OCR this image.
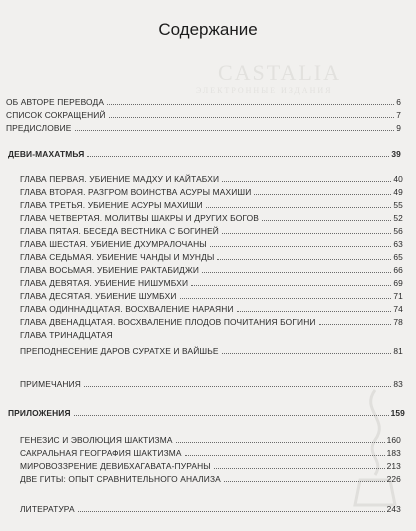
CASTALIA
ЭЛЕКТРОННЫЕ ИЗДАНИЯ
Содержание
ОБ АВТОРЕ ПЕРЕВОДА	6
СПИСОК СОКРАЩЕНИЙ	7
ПРЕДИСЛОВИЕ	9
ДЕВИ-МАХАТМЬЯ	39
ГЛАВА ПЕРВАЯ. УБИЕНИЕ МАДХУ И КАЙТАБХИ	40
ГЛАВА ВТОРАЯ. РАЗГРОМ ВОИНСТВА АСУРЫ МАХИШИ	49
ГЛАВА ТРЕТЬЯ. УБИЕНИЕ АСУРЫ МАХИШИ	55
ГЛАВА ЧЕТВЕРТАЯ. МОЛИТВЫ ШАКРЫ И ДРУГИХ БОГОВ	52
ГЛАВА ПЯТАЯ. БЕСЕДА ВЕСТНИКА С БОГИНЕЙ	56
ГЛАВА ШЕСТАЯ. УБИЕНИЕ ДХУМРАЛОЧАНЫ	63
ГЛАВА СЕДЬМАЯ. УБИЕНИЕ ЧАНДЫ И МУНДЫ	65
ГЛАВА ВОСЬМАЯ. УБИЕНИЕ РАКТАБИДЖИ	66
ГЛАВА ДЕВЯТАЯ. УБИЕНИЕ НИШУМБХИ	69
ГЛАВА ДЕСЯТАЯ. УБИЕНИЕ ШУМБХИ	71
ГЛАВА ОДИННАДЦАТАЯ. ВОСХВАЛЕНИЕ НАРАЯНИ	74
ГЛАВА ДВЕНАДЦАТАЯ. ВОСХВАЛЕНИЕ ПЛОДОВ ПОЧИТАНИЯ БОГИНИ	78
ГЛАВА ТРИНАДЦАТАЯ
ПРЕПОДНЕСЕНИЕ ДАРОВ СУРАТХЕ И ВАЙШЬЕ	81
ПРИМЕЧАНИЯ	83
ПРИЛОЖЕНИЯ	159
ГЕНЕЗИС И ЭВОЛЮЦИЯ ШАКТИЗМА	160
САКРАЛЬНАЯ ГЕОГРАФИЯ ШАКТИЗМА	183
МИРОВОЗЗРЕНИЕ ДЕВИБХАГАВАТА-ПУРАНЫ	213
ДВЕ ГИТЫ: ОПЫТ СРАВНИТЕЛЬНОГО АНАЛИЗА	226
ЛИТЕРАТУРА	243
